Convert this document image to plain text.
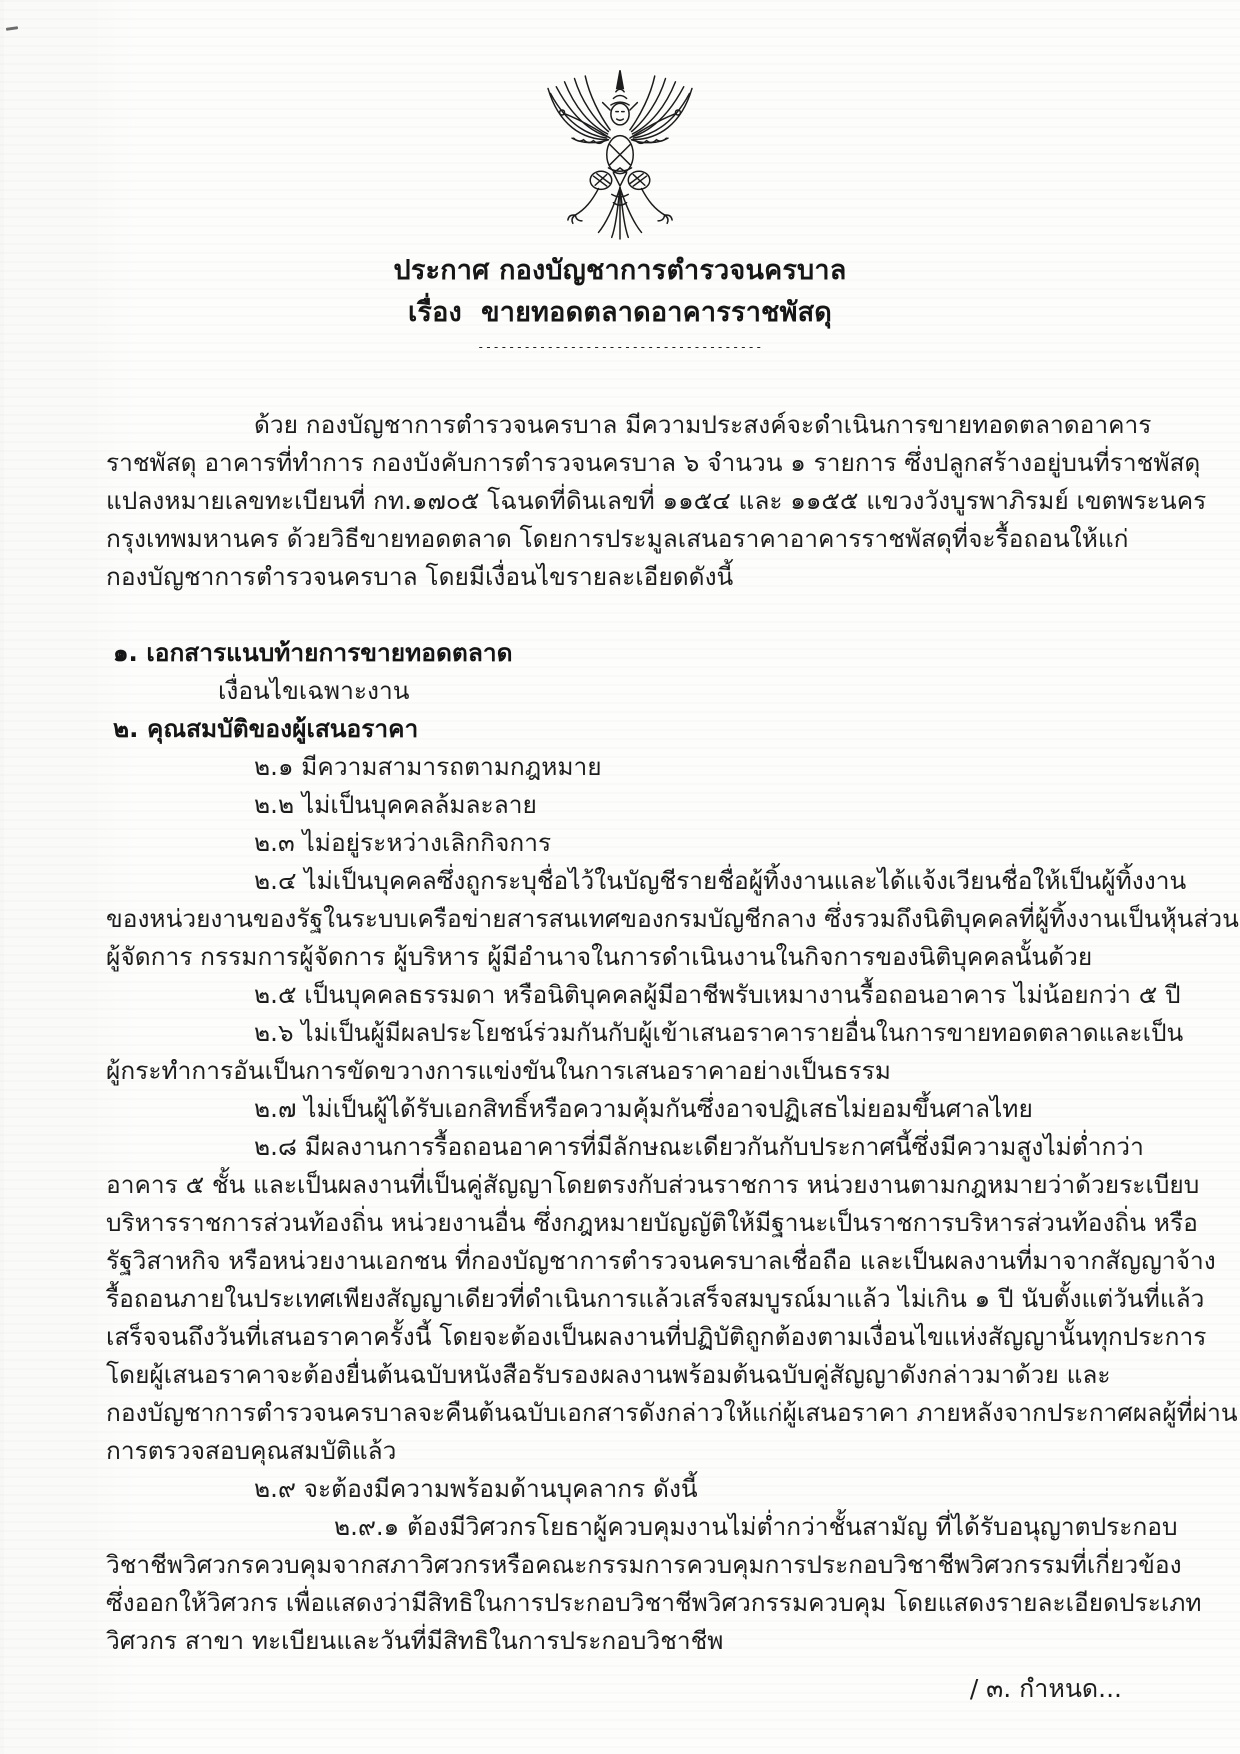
ประกาศ กองบัญชาการตำรวจนครบาล
เรื่อง  ขายทอดตลาดอาคารราชพัสดุ
-------------------------------------
ด้วย กองบัญชาการตำรวจนครบาล มีความประสงค์จะดำเนินการขายทอดตลาดอาคาร
ราชพัสดุ อาคารที่ทำการ กองบังคับการตำรวจนครบาล ๖ จำนวน ๑ รายการ ซึ่งปลูกสร้างอยู่บนที่ราชพัสดุ
แปลงหมายเลขทะเบียนที่ กท.๑๗๐๕ โฉนดที่ดินเลขที่ ๑๑๕๔ และ ๑๑๕๕ แขวงวังบูรพาภิรมย์ เขตพระนคร
กรุงเทพมหานคร ด้วยวิธีขายทอดตลาด โดยการประมูลเสนอราคาอาคารราชพัสดุที่จะรื้อถอนให้แก่
กองบัญชาการตำรวจนครบาล โดยมีเงื่อนไขรายละเอียดดังนี้
๑. เอกสารแนบท้ายการขายทอดตลาด
เงื่อนไขเฉพาะงาน
๒. คุณสมบัติของผู้เสนอราคา
๒.๑ มีความสามารถตามกฎหมาย
๒.๒ ไม่เป็นบุคคลล้มละลาย
๒.๓ ไม่อยู่ระหว่างเลิกกิจการ
๒.๔ ไม่เป็นบุคคลซึ่งถูกระบุชื่อไว้ในบัญชีรายชื่อผู้ทิ้งงานและได้แจ้งเวียนชื่อให้เป็นผู้ทิ้งงาน
ของหน่วยงานของรัฐในระบบเครือข่ายสารสนเทศของกรมบัญชีกลาง ซึ่งรวมถึงนิติบุคคลที่ผู้ทิ้งงานเป็นหุ้นส่วน
ผู้จัดการ กรรมการผู้จัดการ ผู้บริหาร ผู้มีอำนาจในการดำเนินงานในกิจการของนิติบุคคลนั้นด้วย
๒.๕ เป็นบุคคลธรรมดา หรือนิติบุคคลผู้มีอาชีพรับเหมางานรื้อถอนอาคาร ไม่น้อยกว่า ๕ ปี
๒.๖ ไม่เป็นผู้มีผลประโยชน์ร่วมกันกับผู้เข้าเสนอราคารายอื่นในการขายทอดตลาดและเป็น
ผู้กระทำการอันเป็นการขัดขวางการแข่งขันในการเสนอราคาอย่างเป็นธรรม
๒.๗ ไม่เป็นผู้ได้รับเอกสิทธิ์หรือความคุ้มกันซึ่งอาจปฏิเสธไม่ยอมขึ้นศาลไทย
๒.๘ มีผลงานการรื้อถอนอาคารที่มีลักษณะเดียวกันกับประกาศนี้ซึ่งมีความสูงไม่ต่ำกว่า
อาคาร ๕ ชั้น และเป็นผลงานที่เป็นคู่สัญญาโดยตรงกับส่วนราชการ หน่วยงานตามกฎหมายว่าด้วยระเบียบ
บริหารราชการส่วนท้องถิ่น หน่วยงานอื่น ซึ่งกฎหมายบัญญัติให้มีฐานะเป็นราชการบริหารส่วนท้องถิ่น หรือ
รัฐวิสาหกิจ หรือหน่วยงานเอกชน ที่กองบัญชาการตำรวจนครบาลเชื่อถือ และเป็นผลงานที่มาจากสัญญาจ้าง
รื้อถอนภายในประเทศเพียงสัญญาเดียวที่ดำเนินการแล้วเสร็จสมบูรณ์มาแล้ว ไม่เกิน ๑ ปี นับตั้งแต่วันที่แล้ว
เสร็จจนถึงวันที่เสนอราคาครั้งนี้ โดยจะต้องเป็นผลงานที่ปฏิบัติถูกต้องตามเงื่อนไขแห่งสัญญานั้นทุกประการ
โดยผู้เสนอราคาจะต้องยื่นต้นฉบับหนังสือรับรองผลงานพร้อมต้นฉบับคู่สัญญาดังกล่าวมาด้วย และ
กองบัญชาการตำรวจนครบาลจะคืนต้นฉบับเอกสารดังกล่าวให้แก่ผู้เสนอราคา ภายหลังจากประกาศผลผู้ที่ผ่าน
การตรวจสอบคุณสมบัติแล้ว
๒.๙ จะต้องมีความพร้อมด้านบุคลากร ดังนี้
๒.๙.๑ ต้องมีวิศวกรโยธาผู้ควบคุมงานไม่ต่ำกว่าชั้นสามัญ ที่ได้รับอนุญาตประกอบ
วิชาชีพวิศวกรควบคุมจากสภาวิศวกรหรือคณะกรรมการควบคุมการประกอบวิชาชีพวิศวกรรมที่เกี่ยวข้อง
ซึ่งออกให้วิศวกร เพื่อแสดงว่ามีสิทธิในการประกอบวิชาชีพวิศวกรรมควบคุม โดยแสดงรายละเอียดประเภท
วิศวกร สาขา ทะเบียนและวันที่มีสิทธิในการประกอบวิชาชีพ
/ ๓. กำหนด...
